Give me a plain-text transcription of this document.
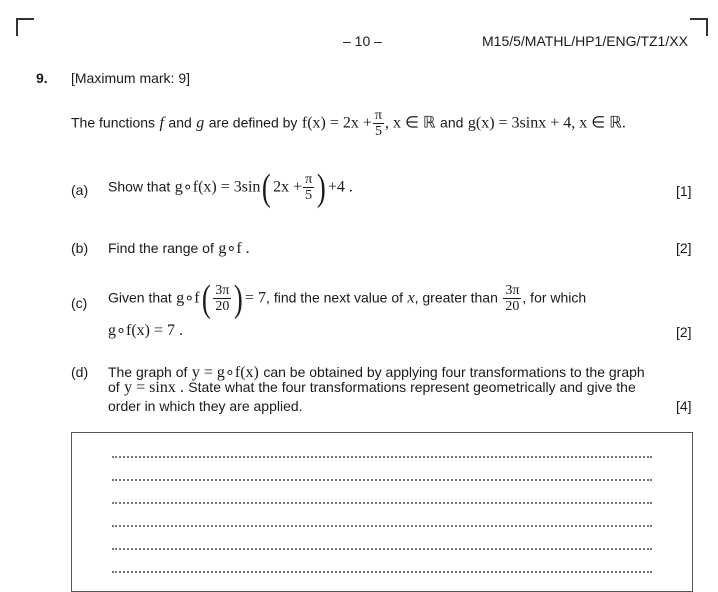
– 10 –	M15/5/MATHL/HP1/ENG/TZ1/XX
9. [Maximum mark: 9]
The functions f and g are defined by $f(x) = 2x + \frac{\pi}{5}$ , x ∈ ℝ and g(x) = 3sinx + 4, x ∈ ℝ.
(a) Show that g∘f(x) = 3sin( $2x + \frac{\pi}{5}$ ) +4 .	[1]
(b) Find the range of g∘f .	[2]
(c) Given that g∘f( $\frac{3\pi}{20}$ ) = 7, find the next value of x, greater than $\frac{3\pi}{20}$ , for which
g∘f(x) = 7 .	[2]
(d) The graph of y = g∘f(x) can be obtained by applying four transformations to the graph
of y = sinx . State what the four transformations represent geometrically and give the
order in which they are applied.	[4]
